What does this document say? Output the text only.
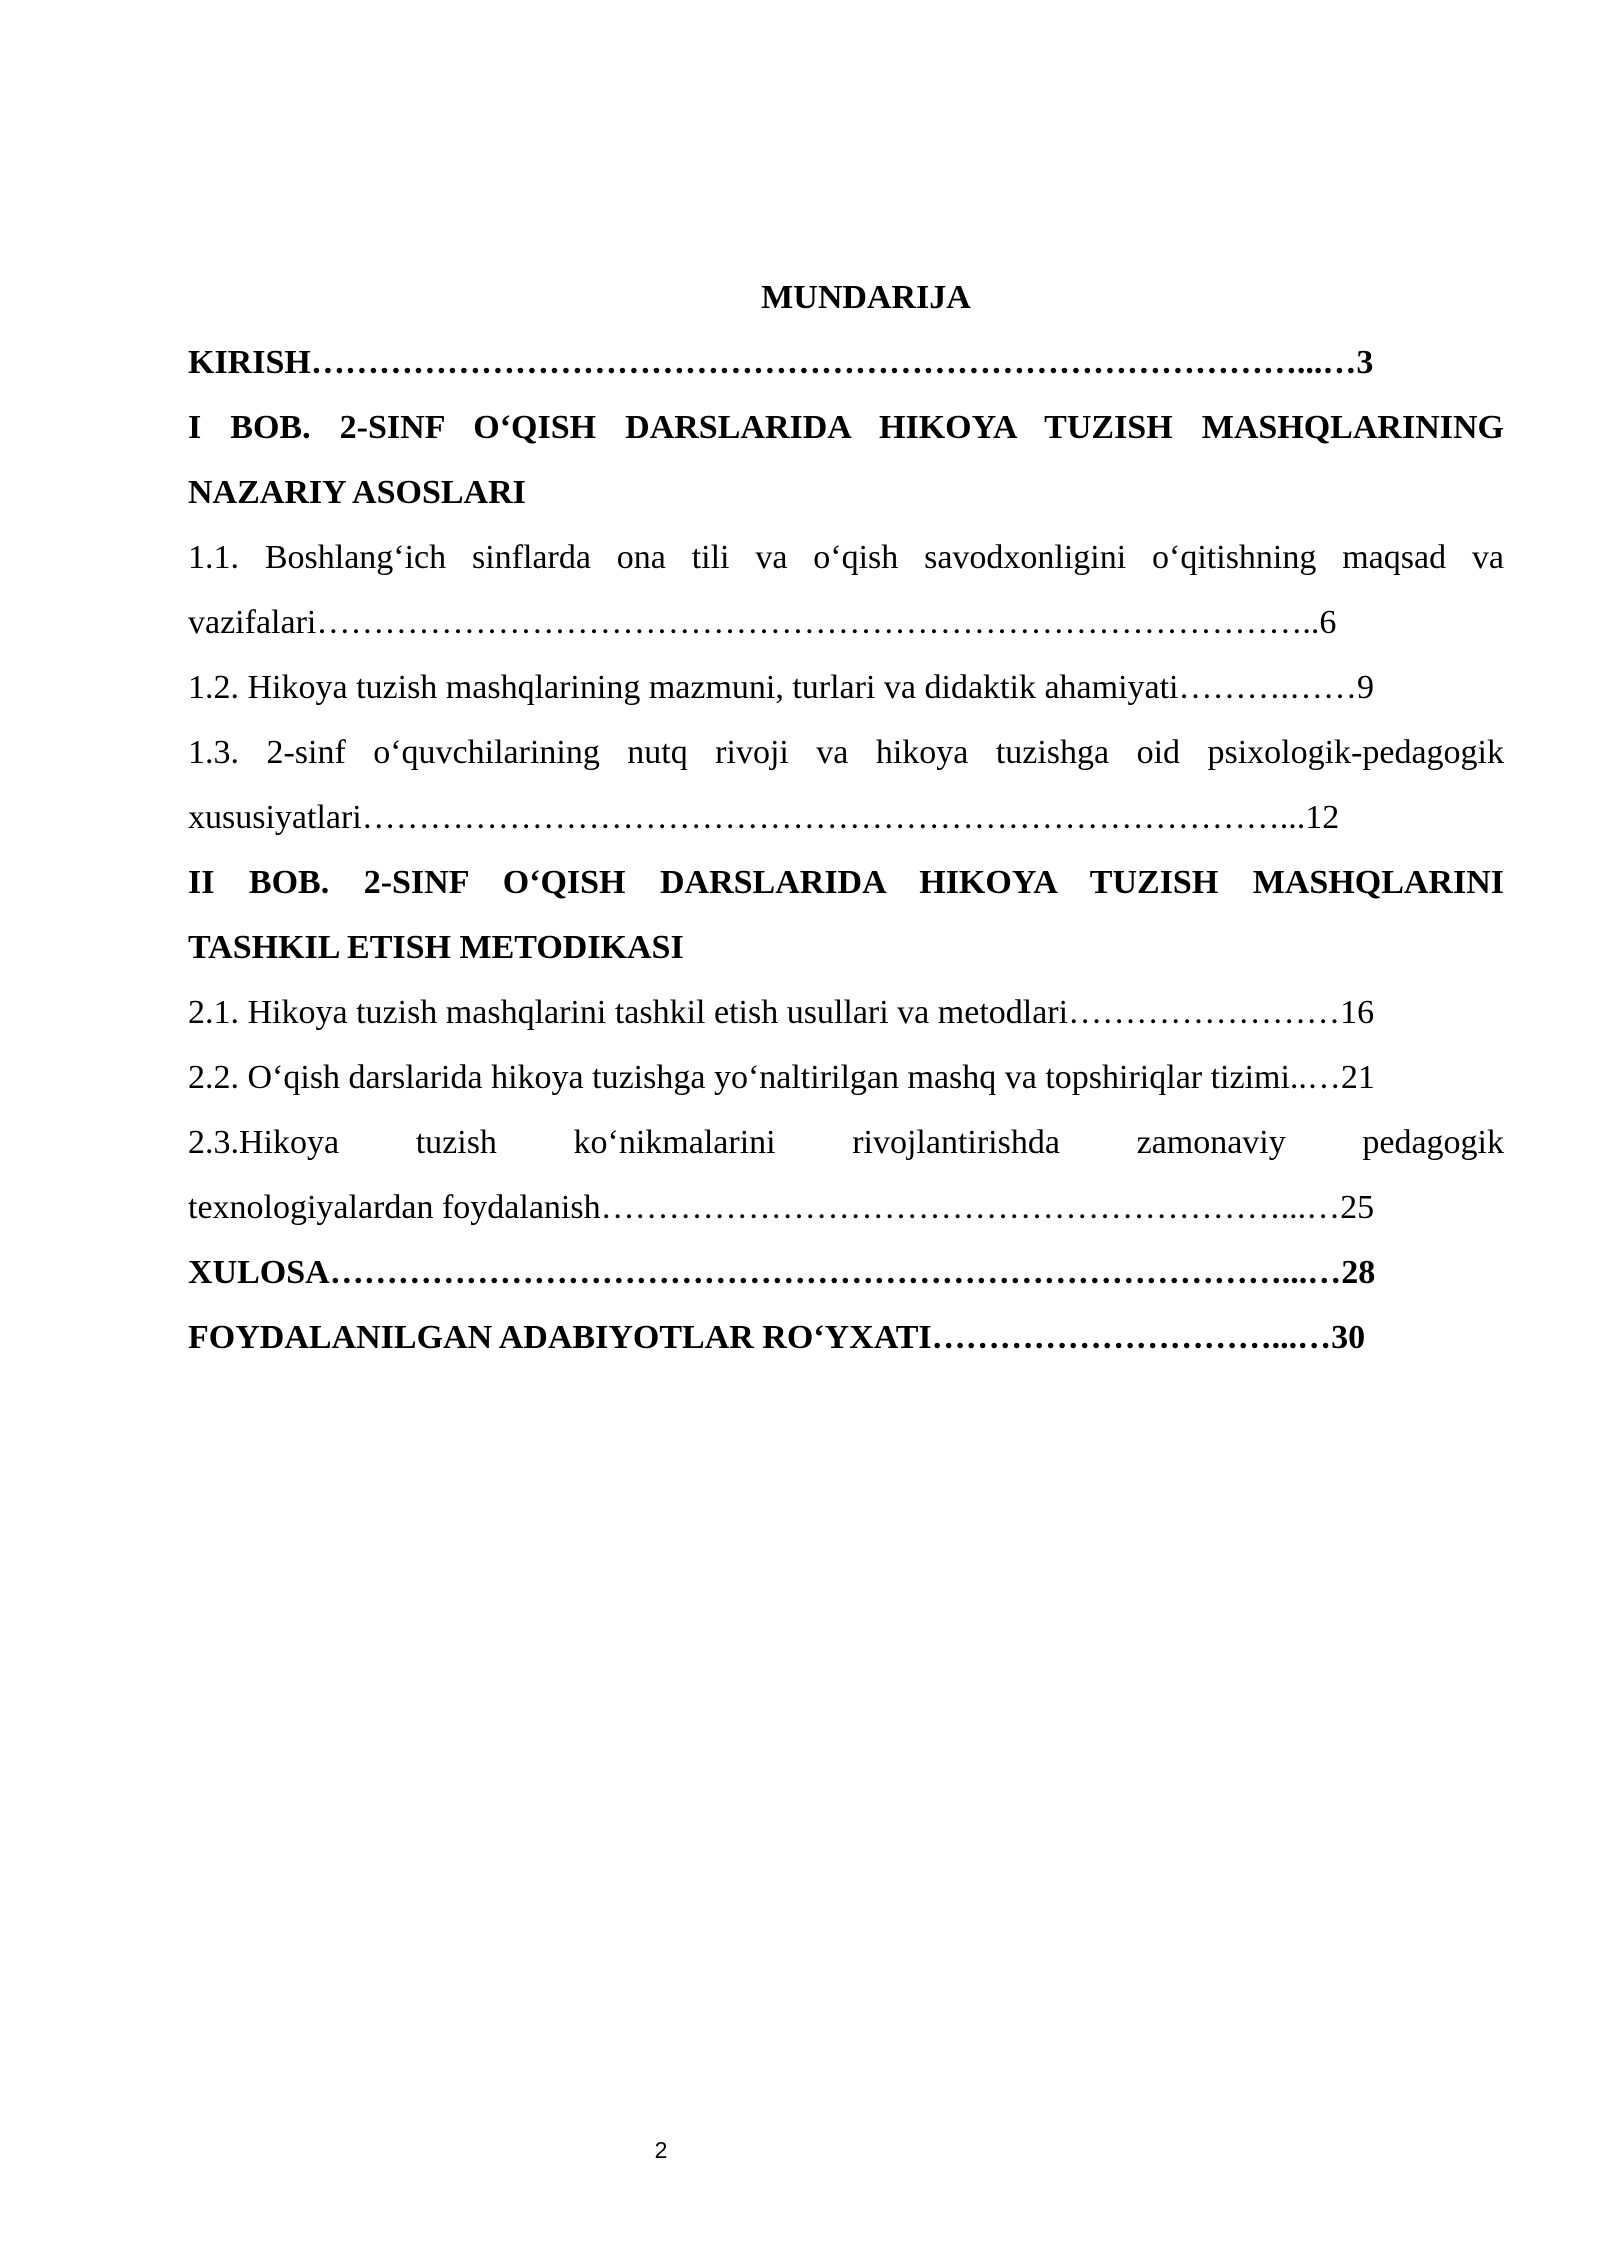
MUNDARIJA
KIRISH……………………………………………………………………………...…3
I BOB. 2-SINF O‘QISH DARSLARIDA HIKOYA TUZISH MASHQLARINING
NAZARIY ASOSLARI
1.1. Boshlang‘ich sinflarda ona tili va o‘qish savodxonligini o‘qitishning maqsad va
vazifalari……………………………………………………………………………..6
1.2. Hikoya tuzish mashqlarining mazmuni, turlari va didaktik ahamiyati……….……9
1.3. 2-sinf o‘quvchilarining nutq rivoji va hikoya tuzishga oid psixologik-pedagogik
xususiyatlari………………………………………………………………………...12
II BOB. 2-SINF O‘QISH DARSLARIDA HIKOYA TUZISH MASHQLARINI
TASHKIL ETISH METODIKASI
2.1. Hikoya tuzish mashqlarini tashkil etish usullari va metodlari……………………16
2.2. O‘qish darslarida hikoya tuzishga yo‘naltirilgan mashq va topshiriqlar tizimi..…21
2.3.Hikoya tuzish ko‘nikmalarini rivojlantirishda zamonaviy pedagogik
texnologiyalardan foydalanish……………………………………………………...…25
XULOSA…………………………………………………………………………...…28
FOYDALANILGAN ADABIYOTLAR RO‘YXATI…………………………...…30
2
